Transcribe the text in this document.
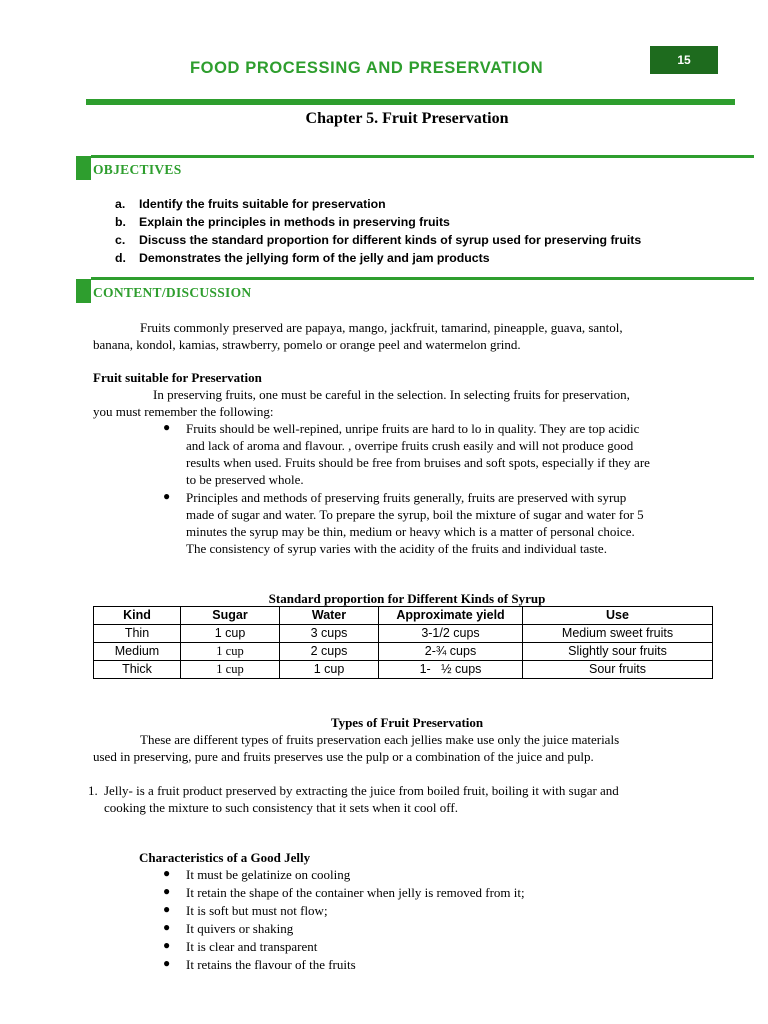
FOOD PROCESSING AND PRESERVATION	15
Chapter 5. Fruit Preservation
OBJECTIVES
a. Identify the fruits suitable for preservation
b. Explain the principles in methods in preserving fruits
c. Discuss the standard proportion for different kinds of syrup used for preserving fruits
d. Demonstrates the jellying form of the jelly and jam products
CONTENT/DISCUSSION
Fruits commonly preserved are papaya, mango, jackfruit, tamarind, pineapple, guava, santol,
banana, kondol, kamias, strawberry, pomelo or orange peel and watermelon grind.
Fruit suitable for Preservation
In preserving fruits, one must be careful in the selection. In selecting fruits for preservation,
you must remember the following:
● Fruits should be well-repined, unripe fruits are hard to lo in quality. They are top acidic
and lack of aroma and flavour. , overripe fruits crush easily and will not produce good
results when used. Fruits should be free from bruises and soft spots, especially if they are
to be preserved whole.
● Principles and methods of preserving fruits generally, fruits are preserved with syrup
made of sugar and water. To prepare the syrup, boil the mixture of sugar and water for 5
minutes the syrup may be thin, medium or heavy which is a matter of personal choice.
The consistency of syrup varies with the acidity of the fruits and individual taste.
Standard proportion for Different Kinds of Syrup
Kind	Sugar	Water	Approximate yield	Use
Thin	1 cup	3 cups	3-1/2 cups	Medium sweet fruits
Medium	1 cup	2 cups	2-¾ cups	Slightly sour fruits
Thick	1 cup	1 cup	1-   ½ cups	Sour fruits
Types of Fruit Preservation
These are different types of fruits preservation each jellies make use only the juice materials
used in preserving, pure and fruits preserves use the pulp or a combination of the juice and pulp.
1. Jelly- is a fruit product preserved by extracting the juice from boiled fruit, boiling it with sugar and
cooking the mixture to such consistency that it sets when it cool off.
Characteristics of a Good Jelly
● It must be gelatinize on cooling
● It retain the shape of the container when jelly is removed from it;
● It is soft but must not flow;
● It quivers or shaking
● It is clear and transparent
● It retains the flavour of the fruits
